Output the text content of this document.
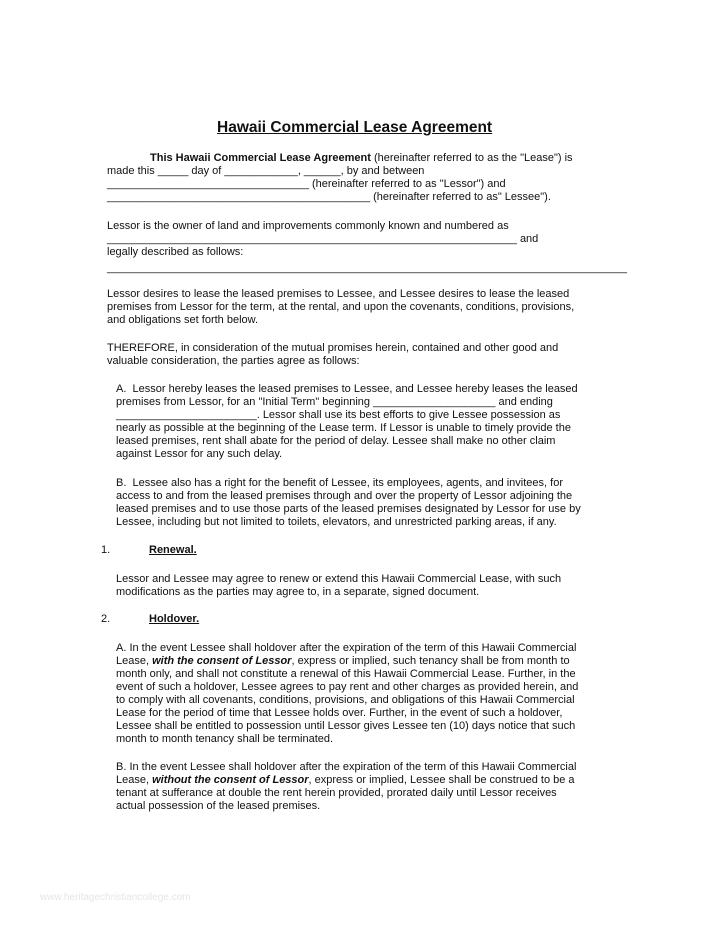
Hawaii Commercial Lease Agreement
This Hawaii Commercial Lease Agreement (hereinafter referred to as the "Lease") is
made this _____ day of ____________, ______, by and between
_________________________________ (hereinafter referred to as "Lessor") and
___________________________________________ (hereinafter referred to as" Lessee").
Lessor is the owner of land and improvements commonly known and numbered as
___________________________________________________________________ and
legally described as follows:
_____________________________________________________________________________________
Lessor desires to lease the leased premises to Lessee, and Lessee desires to lease the leased
premises from Lessor for the term, at the rental, and upon the covenants, conditions, provisions,
and obligations set forth below.
THEREFORE, in consideration of the mutual promises herein, contained and other good and
valuable consideration, the parties agree as follows:
A.  Lessor hereby leases the leased premises to Lessee, and Lessee hereby leases the leased
premises from Lessor, for an "Initial Term" beginning ____________________ and ending
_______________________. Lessor shall use its best efforts to give Lessee possession as
nearly as possible at the beginning of the Lease term. If Lessor is unable to timely provide the
leased premises, rent shall abate for the period of delay. Lessee shall make no other claim
against Lessor for any such delay.
B.  Lessee also has a right for the benefit of Lessee, its employees, agents, and invitees, for
access to and from the leased premises through and over the property of Lessor adjoining the
leased premises and to use those parts of the leased premises designated by Lessor for use by
Lessee, including but not limited to toilets, elevators, and unrestricted parking areas, if any.
1.	Renewal.
Lessor and Lessee may agree to renew or extend this Hawaii Commercial Lease, with such
modifications as the parties may agree to, in a separate, signed document.
2.	Holdover.
A. In the event Lessee shall holdover after the expiration of the term of this Hawaii Commercial
Lease, with the consent of Lessor, express or implied, such tenancy shall be from month to
month only, and shall not constitute a renewal of this Hawaii Commercial Lease. Further, in the
event of such a holdover, Lessee agrees to pay rent and other charges as provided herein, and
to comply with all covenants, conditions, provisions, and obligations of this Hawaii Commercial
Lease for the period of time that Lessee holds over. Further, in the event of such a holdover,
Lessee shall be entitled to possession until Lessor gives Lessee ten (10) days notice that such
month to month tenancy shall be terminated.
B. In the event Lessee shall holdover after the expiration of the term of this Hawaii Commercial
Lease, without the consent of Lessor, express or implied, Lessee shall be construed to be a
tenant at sufferance at double the rent herein provided, prorated daily until Lessor receives
actual possession of the leased premises.
www.heritagechristiancollege.com
